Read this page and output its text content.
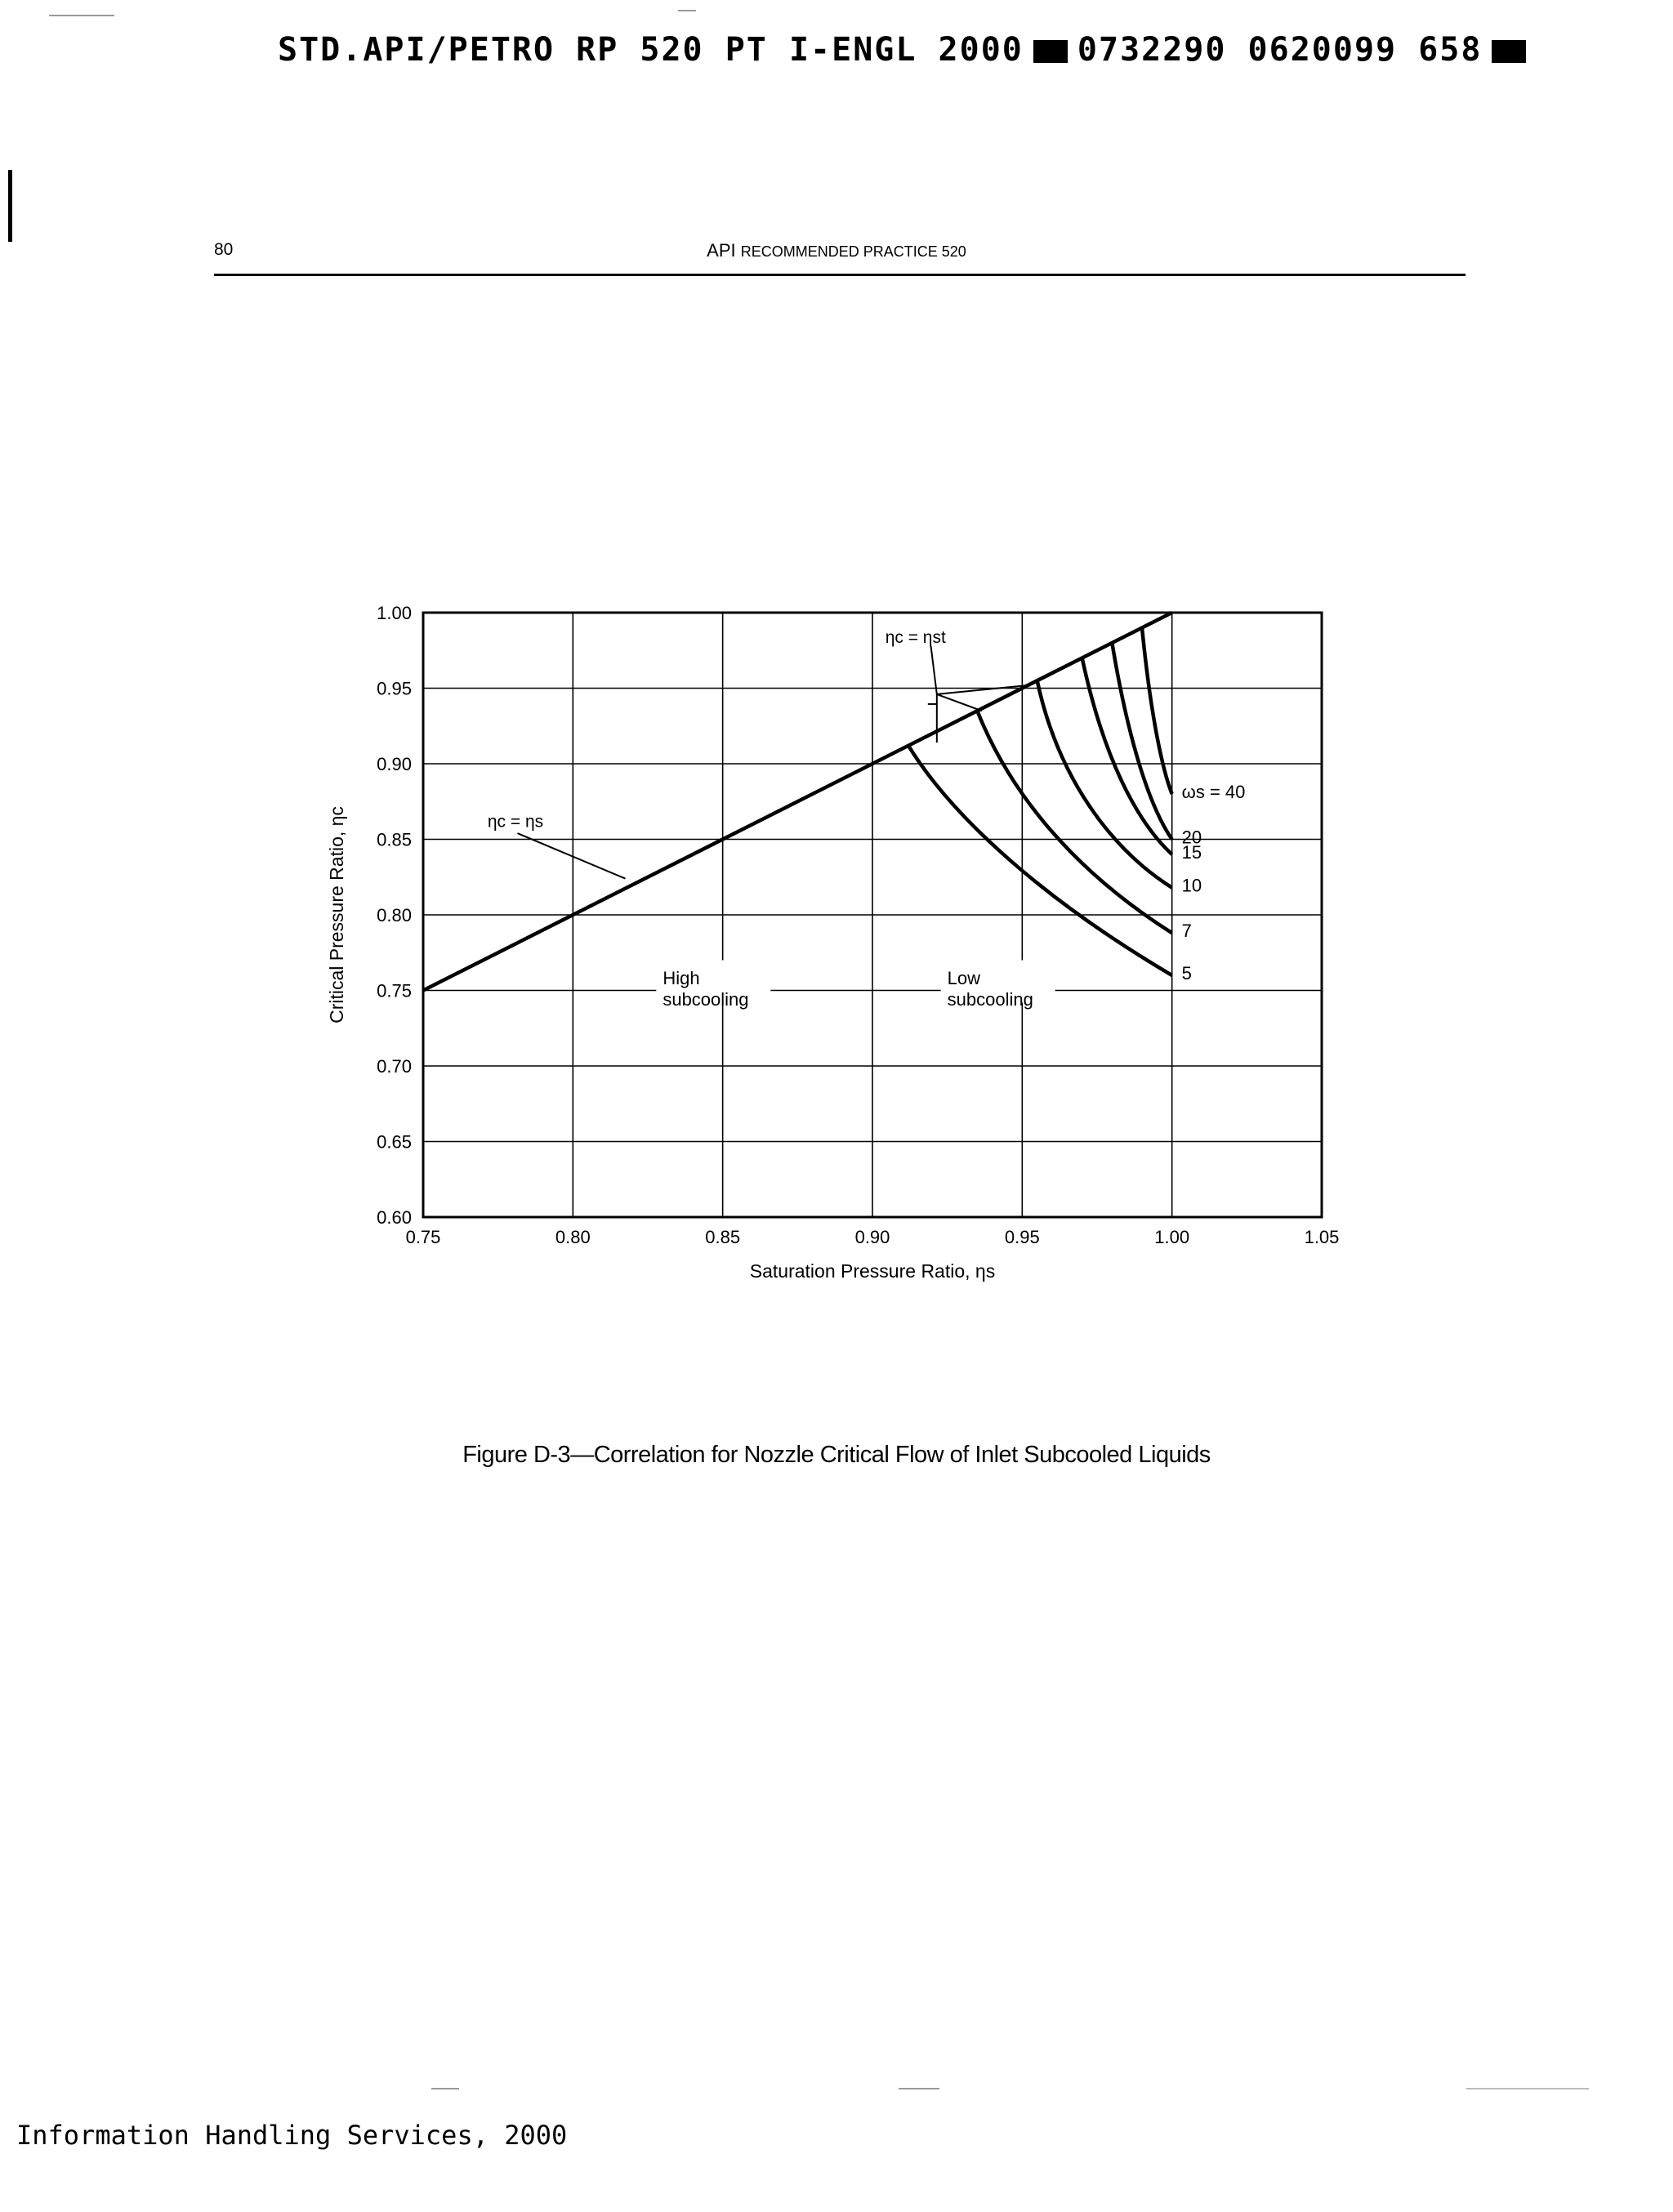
STD.API/PETRO RP 520 PT I-ENGL 2000 0732290 0620099 658
80	API RECOMMENDED PRACTICE 520
0.75	0.80	0.85	0.90	0.95	1.00	1.05
1.00
0.95
0.90
0.85
0.80
0.75
0.70
0.65
0.60
Saturation Pressure Ratio, ηs
Critical Pressure Ratio, ηc	ηc = ηs
ηc = ηst
High
subcooling
Low
subcooling
ωs = 40
20
15
10
7
5
Figure D-3—Correlation for Nozzle Critical Flow of Inlet Subcooled Liquids
Information Handling Services, 2000
